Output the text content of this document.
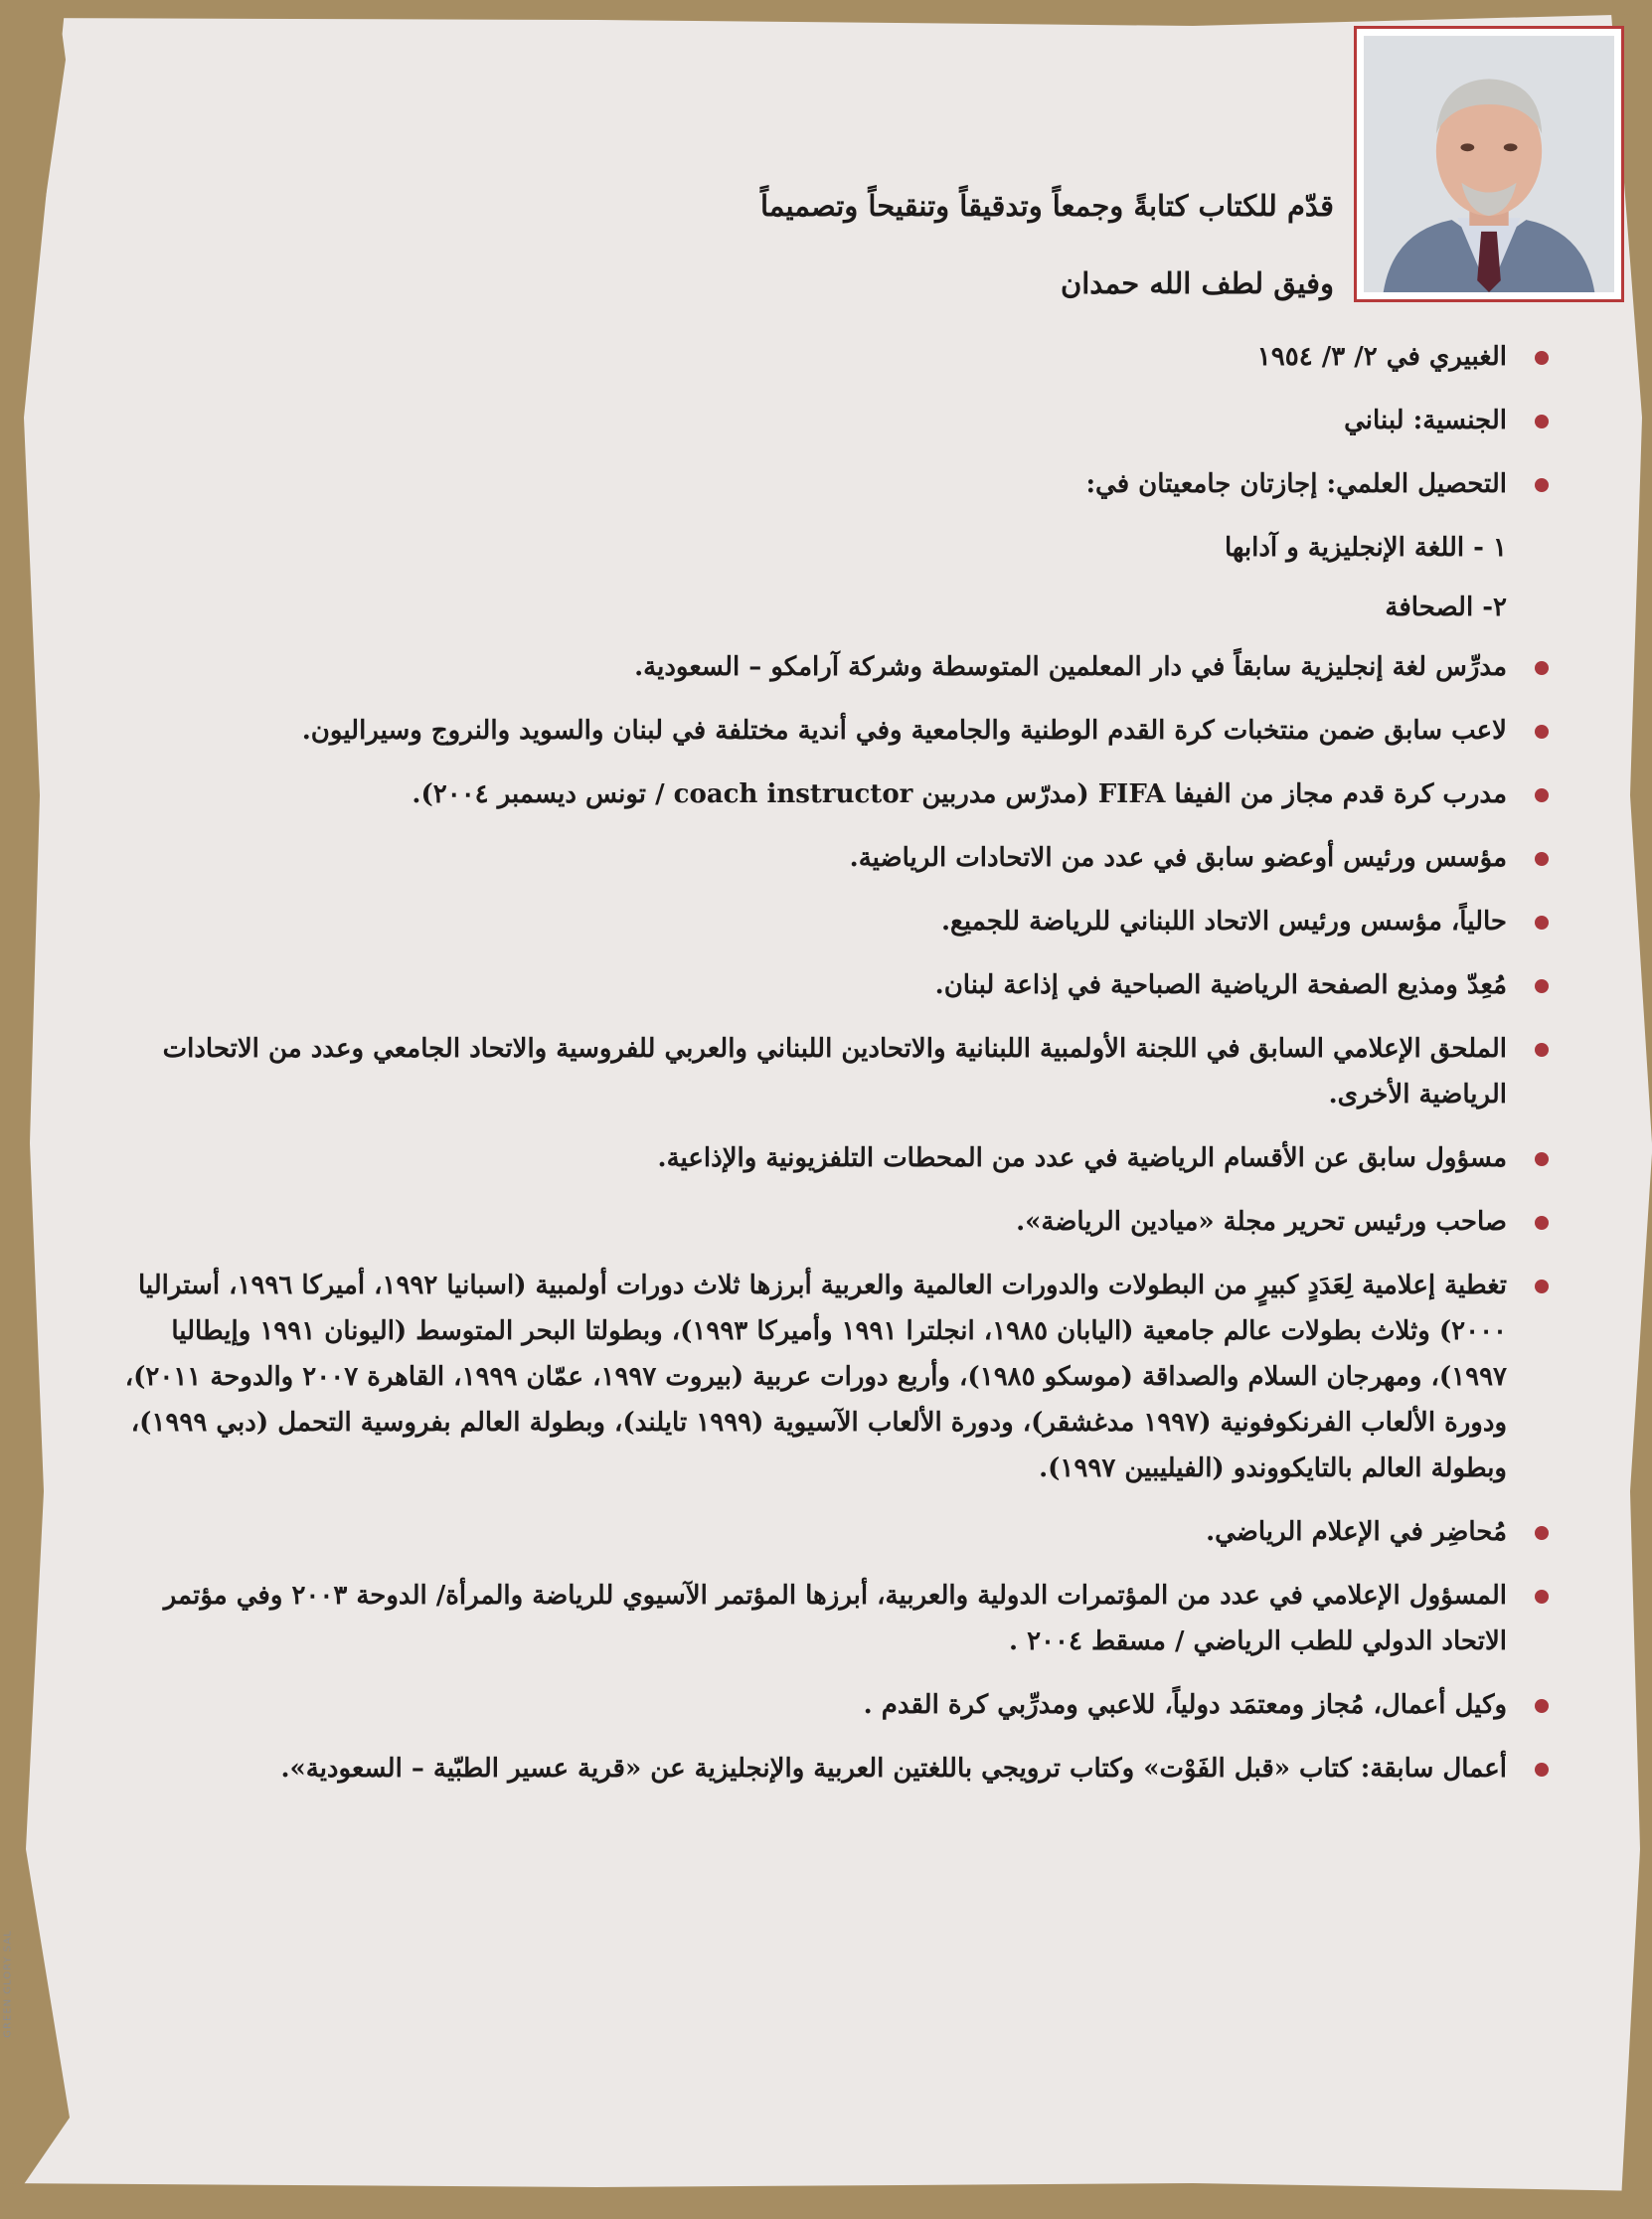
قدّم للكتاب كتابةً وجمعاً وتدقيقاً وتنقيحاً وتصميماً
وفيق لطف الله حمدان
الغبيري في ٢/ ٣/ ١٩٥٤
الجنسية: لبناني
التحصيل العلمي: إجازتان جامعيتان في:
١ - اللغة الإنجليزية و آدابها
٢- الصحافة
مدرِّس لغة إنجليزية سابقاً في دار المعلمين المتوسطة وشركة آرامكو – السعودية.
لاعب سابق ضمن منتخبات كرة القدم الوطنية والجامعية وفي أندية مختلفة في لبنان والسويد والنروج وسيراليون.
مدرب كرة قدم مجاز من الفيفا FIFA (مدرّس مدربين coach instructor / تونس ديسمبر ٢٠٠٤).
مؤسس ورئيس أوعضو سابق في عدد من الاتحادات الرياضية.
حالياً، مؤسس ورئيس الاتحاد اللبناني للرياضة للجميع.
مُعِدّ ومذيع الصفحة الرياضية الصباحية في إذاعة لبنان.
الملحق الإعلامي السابق في اللجنة الأولمبية اللبنانية والاتحادين اللبناني والعربي للفروسية والاتحاد الجامعي وعدد من الاتحادات الرياضية الأخرى.
مسؤول سابق عن الأقسام الرياضية في عدد من المحطات التلفزيونية والإذاعية.
صاحب ورئيس تحرير مجلة «ميادين الرياضة».
تغطية إعلامية لِعَدَدٍ كبيرٍ من البطولات والدورات العالمية والعربية أبرزها ثلاث دورات أولمبية (اسبانيا ١٩٩٢، أميركا ١٩٩٦، أستراليا ٢٠٠٠) وثلاث بطولات عالم جامعية (اليابان ١٩٨٥، انجلترا ١٩٩١ وأميركا ١٩٩٣)، وبطولتا البحر المتوسط (اليونان ١٩٩١ وإيطاليا ١٩٩٧)، ومهرجان السلام والصداقة (موسكو ١٩٨٥)، وأربع دورات عربية (بيروت ١٩٩٧، عمّان ١٩٩٩، القاهرة ٢٠٠٧ والدوحة ٢٠١١)، ودورة الألعاب الفرنكوفونية (١٩٩٧ مدغشقر)، ودورة الألعاب الآسيوية (١٩٩٩ تايلند)، وبطولة العالم بفروسية التحمل (دبي ١٩٩٩)، وبطولة العالم بالتايكووندو (الفيليبين ١٩٩٧).
مُحاضِر في الإعلام الرياضي.
المسؤول الإعلامي في عدد من المؤتمرات الدولية والعربية، أبرزها المؤتمر الآسيوي للرياضة والمرأة/ الدوحة ٢٠٠٣ وفي مؤتمر الاتحاد الدولي للطب الرياضي / مسقط ٢٠٠٤ .
وكيل أعمال، مُجاز ومعتمَد دولياً، للاعبي ومدرِّبي كرة القدم .
أعمال سابقة: كتاب «قبل الفَوْت» وكتاب ترويجي باللغتين العربية والإنجليزية عن «قرية عسير الطبّية – السعودية».
GREEN GLORY SAL
